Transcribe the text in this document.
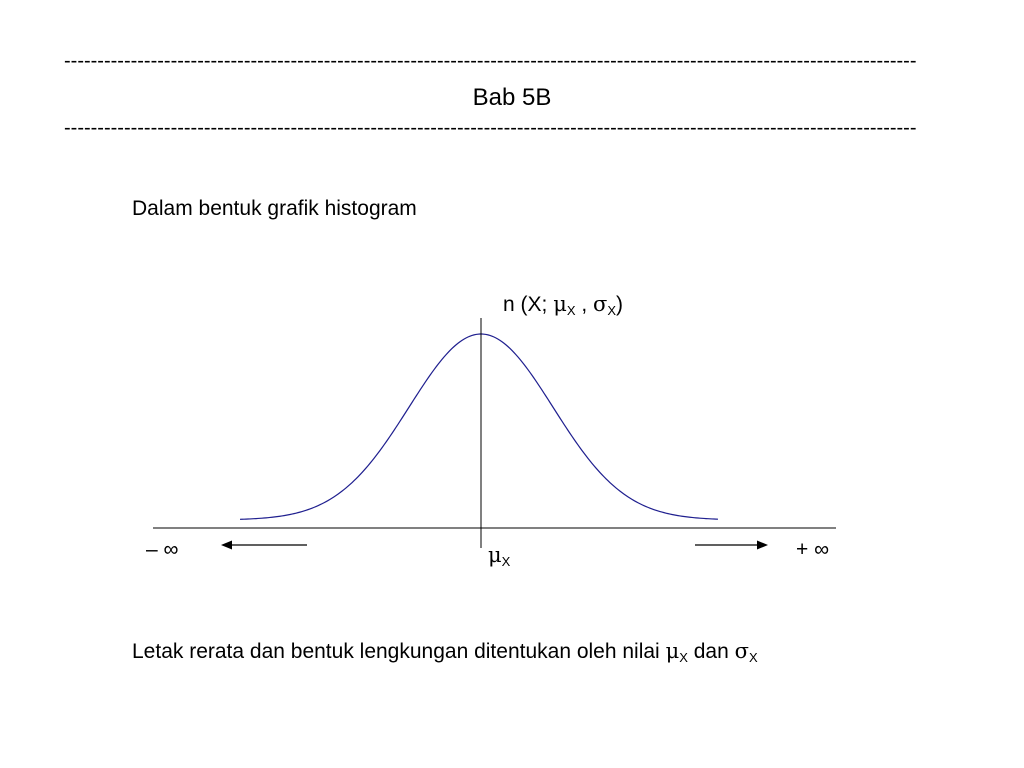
--------------------------------------------------------------------------------------------------------------------------------
Bab 5B
--------------------------------------------------------------------------------------------------------------------------------
Dalam bentuk grafik histogram
n (X; $\mu_X$ , $\sigma_X$)
– ∞	+ ∞
$\mu_X$
Letak rerata dan bentuk lengkungan ditentukan oleh nilai $\mu_X$ dan $\sigma_X$
